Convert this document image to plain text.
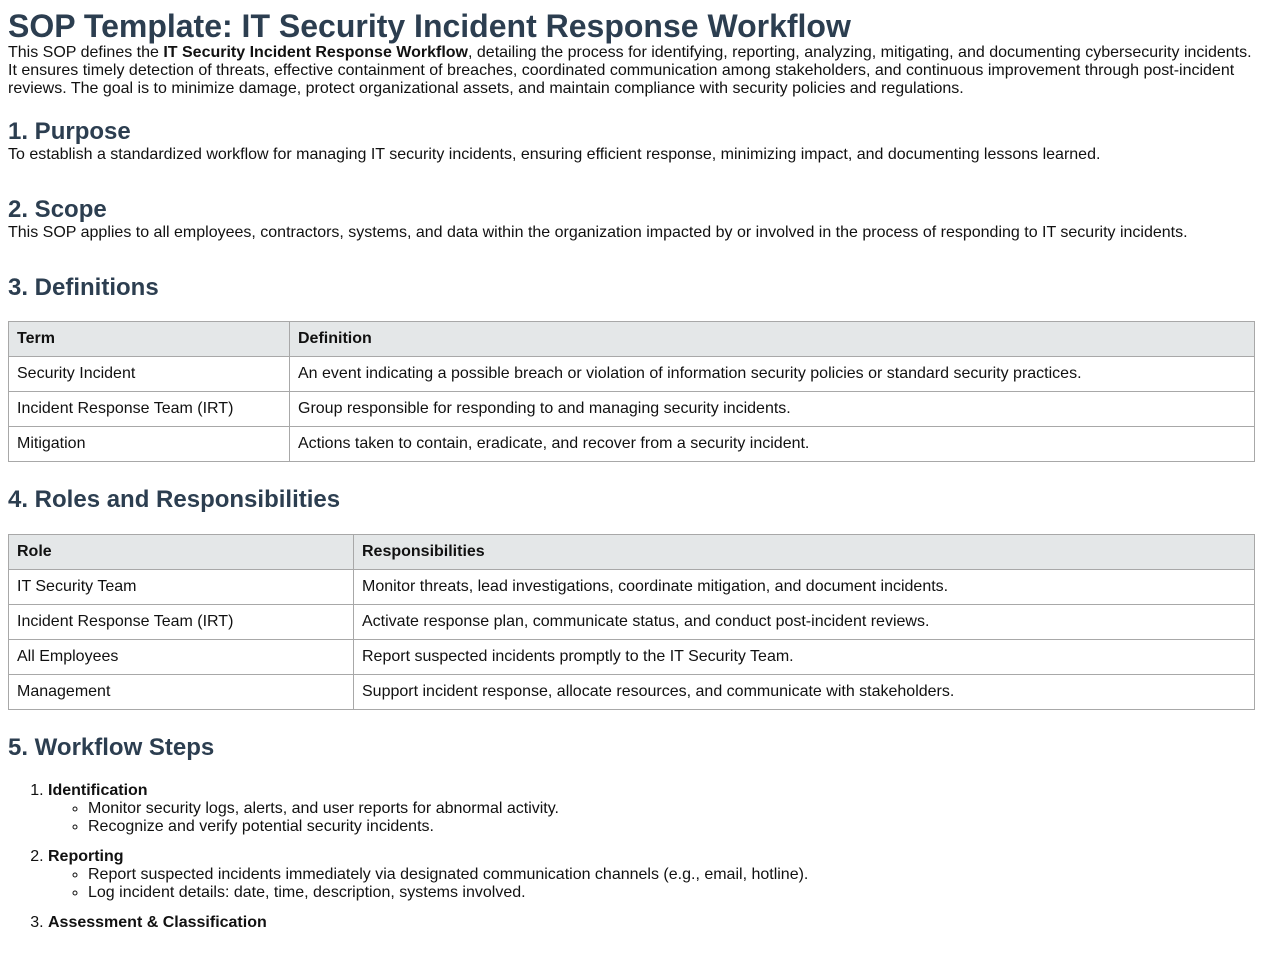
SOP Template: IT Security Incident Response Workflow

This SOP defines the IT Security Incident Response Workflow, detailing the process for identifying, reporting, analyzing, mitigating, and documenting cybersecurity incidents. It ensures timely detection of threats, effective containment of breaches, coordinated communication among stakeholders, and continuous improvement through post-incident reviews. The goal is to minimize damage, protect organizational assets, and maintain compliance with security policies and regulations.

1. Purpose

To establish a standardized workflow for managing IT security incidents, ensuring efficient response, minimizing impact, and documenting lessons learned.

2. Scope

This SOP applies to all employees, contractors, systems, and data within the organization impacted by or involved in the process of responding to IT security incidents.

3. Definitions
Term	Definition
Security Incident	An event indicating a possible breach or violation of information security policies or standard security practices.
Incident Response Team (IRT)	Group responsible for responding to and managing security incidents.
Mitigation	Actions taken to contain, eradicate, and recover from a security incident.
4. Roles and Responsibilities
Role	Responsibilities
IT Security Team	Monitor threats, lead investigations, coordinate mitigation, and document incidents.
Incident Response Team (IRT)	Activate response plan, communicate status, and conduct post-incident reviews.
All Employees	Report suspected incidents promptly to the IT Security Team.
Management	Support incident response, allocate resources, and communicate with stakeholders.
5. Workflow Steps
1. Identification
◦ Monitor security logs, alerts, and user reports for abnormal activity.
◦ Recognize and verify potential security incidents.
2. Reporting
◦ Report suspected incidents immediately via designated communication channels (e.g., email, hotline).
◦ Log incident details: date, time, description, systems involved.
3. Assessment & Classification
